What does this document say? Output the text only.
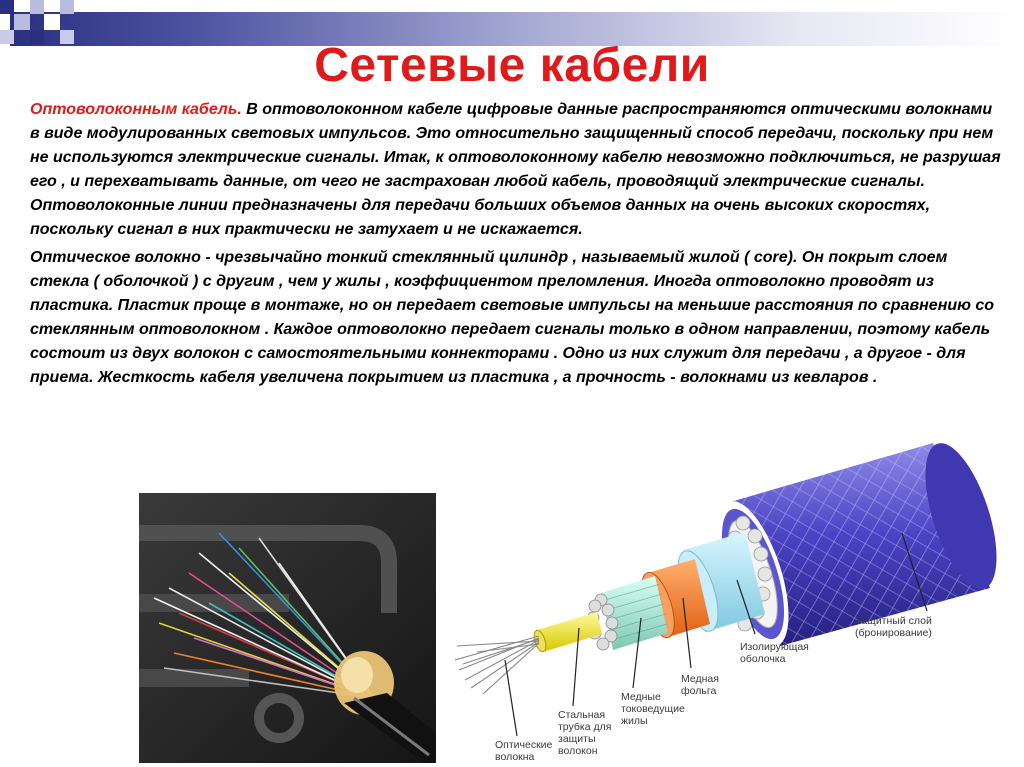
Сетевые кабели

Оптоволоконным кабель. В оптоволоконном кабеле цифровые данные распространяются оптическими волокнами в виде модулированных световых импульсов. Это относительно защищенный способ передачи, поскольку при нем не используются электрические сигналы. Итак, к оптоволоконному кабелю невозможно подключиться, не разрушая его , и перехватывать данные, от чего не застрахован любой кабель, проводящий электрические сигналы. Оптоволоконные линии предназначены для передачи больших объемов данных на очень высоких скоростях, поскольку сигнал в них практически не затухает и не искажается.

Оптическое волокно - чрезвычайно тонкий стеклянный цилиндр , называемый жилой ( core). Он покрыт слоем стекла ( оболочкой ) с другим , чем у жилы , коэффициентом преломления. Иногда оптоволокно проводят из пластика. Пластик проще в монтаже, но он передает световые импульсы на меньшие расстояния по сравнению со стеклянным оптоволокном . Каждое оптоволокно передает сигналы только в одном направлении, поэтому кабель состоит из двух волокон с самостоятельными коннекторами . Одно из них служит для передачи , а другое - для приема. Жесткость кабеля увеличена покрытием из пластика , а прочность - волокнами из кевларов .

Защитный слой (бронирование)
Изолирующая оболочка
Медная фольга
Медные токоведущие жилы
Стальная трубка для защиты волокон
Оптические волокна
